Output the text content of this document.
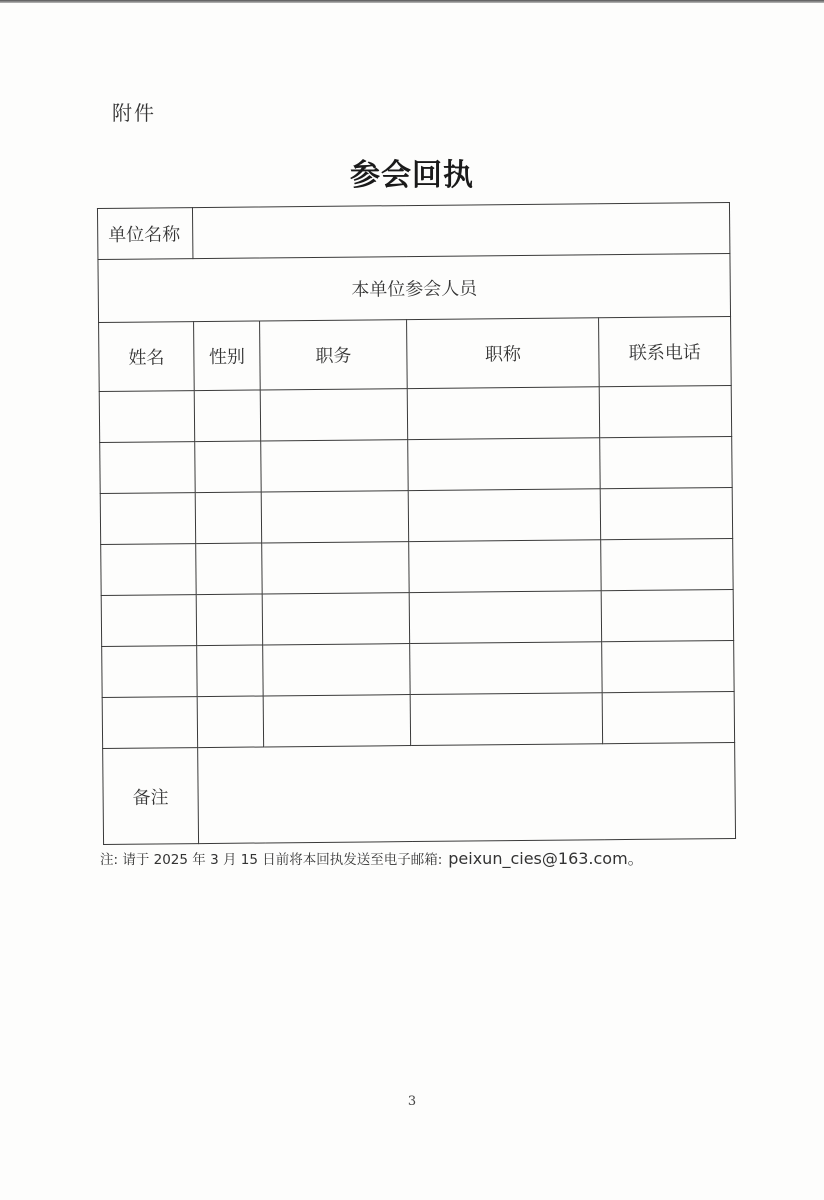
附件
参会回执
单位名称				
本单位参会人员				
姓名	性别	职务	职称	联系电话

备注				
注: 请于 2025 年 3 月 15 日前将本回执发送至电子邮箱: peixun_cies@163.com。
3
